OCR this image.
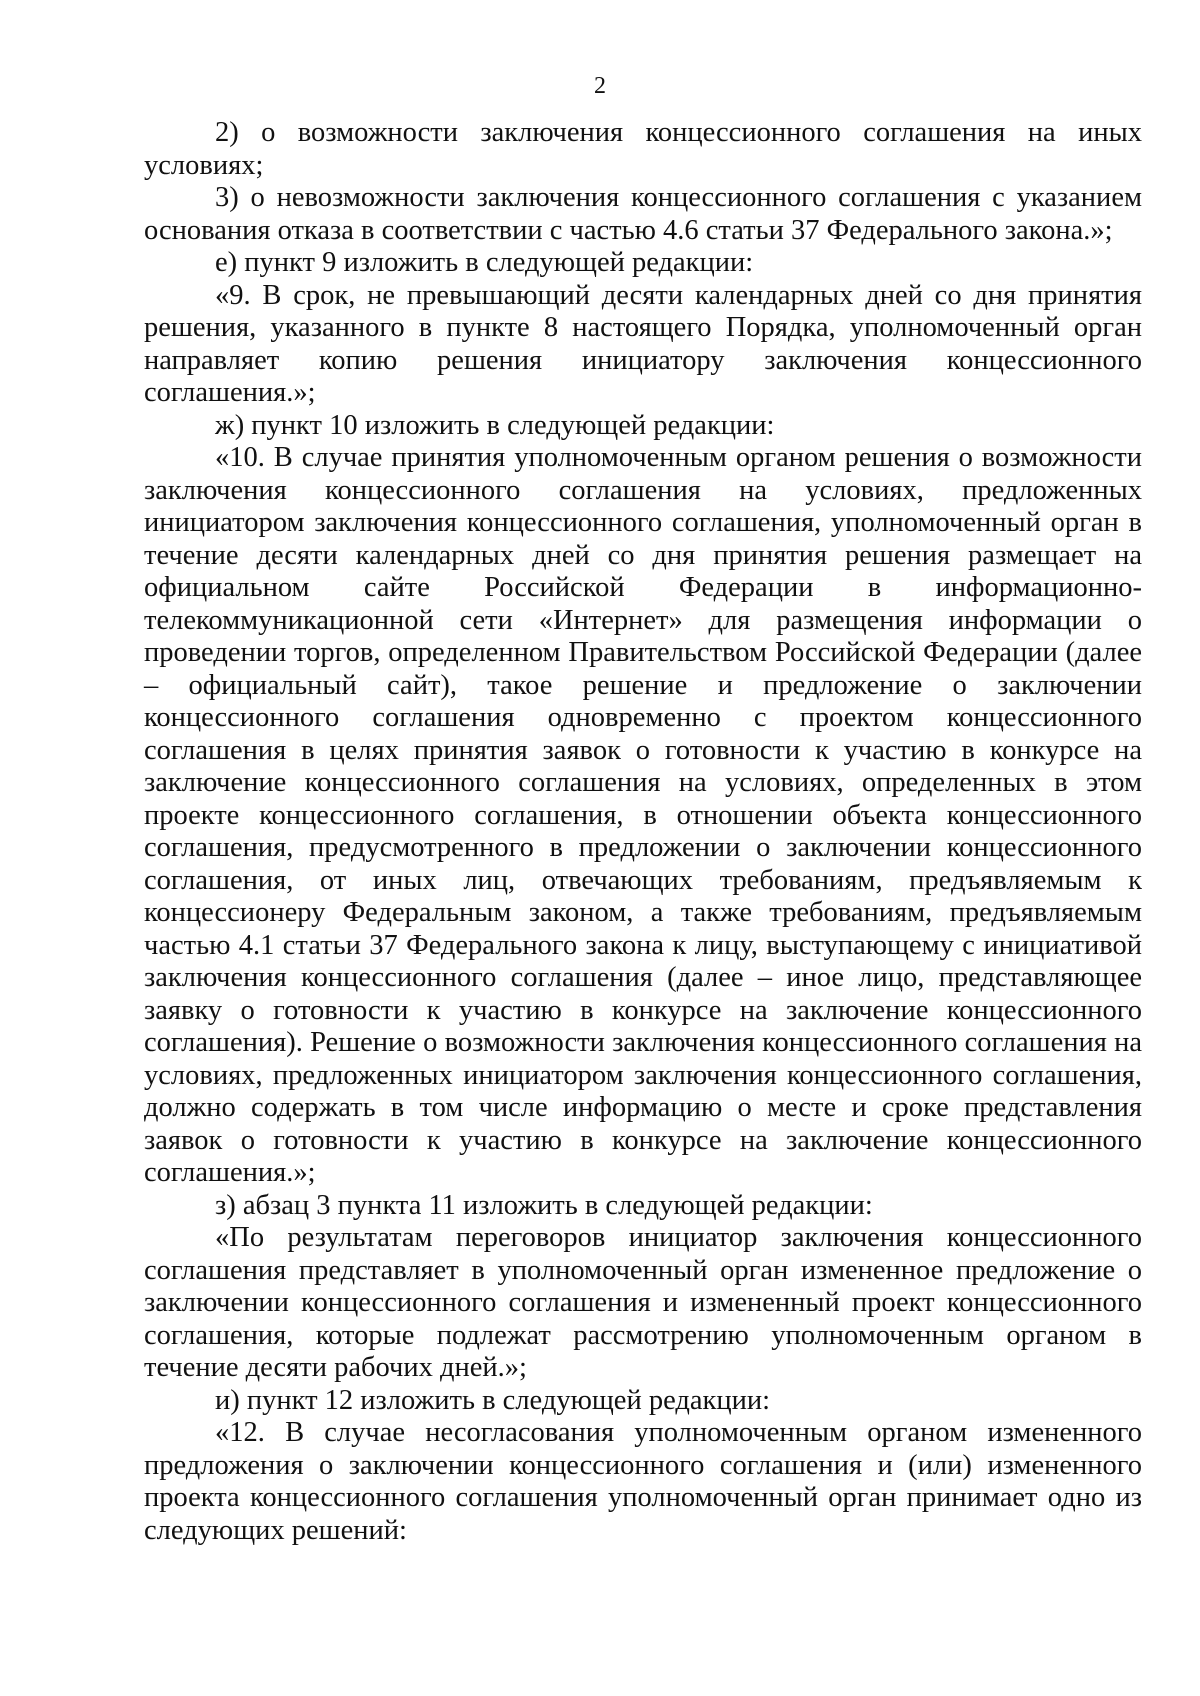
2

2) о возможности заключения концессионного соглашения на иных условиях;

3) о невозможности заключения концессионного соглашения с указанием основания отказа в соответствии с частью 4.6 статьи 37 Федерального закона.»;

е) пункт 9 изложить в следующей редакции:

«9. В срок, не превышающий десяти календарных дней со дня принятия решения, указанного в пункте 8 настоящего Порядка, уполномоченный орган направляет копию решения инициатору заключения концессионного соглашения.»;

ж) пункт 10 изложить в следующей редакции:

«10. В случае принятия уполномоченным органом решения о возможности заключения концессионного соглашения на условиях, предложенных инициатором заключения концессионного соглашения, уполномоченный орган в течение десяти календарных дней со дня принятия решения размещает на официальном сайте Российской Федерации в информационно-телекоммуникационной сети «Интернет» для размещения информации о проведении торгов, определенном Правительством Российской Федерации (далее – официальный сайт), такое решение и предложение о заключении концессионного соглашения одновременно с проектом концессионного соглашения в целях принятия заявок о готовности к участию в конкурсе на заключение концессионного соглашения на условиях, определенных в этом проекте концессионного соглашения, в отношении объекта концессионного соглашения, предусмотренного в предложении о заключении концессионного соглашения, от иных лиц, отвечающих требованиям, предъявляемым к концессионеру Федеральным законом, а также требованиям, предъявляемым частью 4.1 статьи 37 Федерального закона к лицу, выступающему с инициативой заключения концессионного соглашения (далее – иное лицо, представляющее заявку о готовности к участию в конкурсе на заключение концессионного соглашения). Решение о возможности заключения концессионного соглашения на условиях, предложенных инициатором заключения концессионного соглашения, должно содержать в том числе информацию о месте и сроке представления заявок о готовности к участию в конкурсе на заключение концессионного соглашения.»;

з) абзац 3 пункта 11 изложить в следующей редакции:

«По результатам переговоров инициатор заключения концессионного соглашения представляет в уполномоченный орган измененное предложение о заключении концессионного соглашения и измененный проект концессионного соглашения, которые подлежат рассмотрению уполномоченным органом в течение десяти рабочих дней.»;

и) пункт 12 изложить в следующей редакции:

«12. В случае несогласования уполномоченным органом измененного предложения о заключении концессионного соглашения и (или) измененного проекта концессионного соглашения уполномоченный орган принимает одно из следующих решений:
